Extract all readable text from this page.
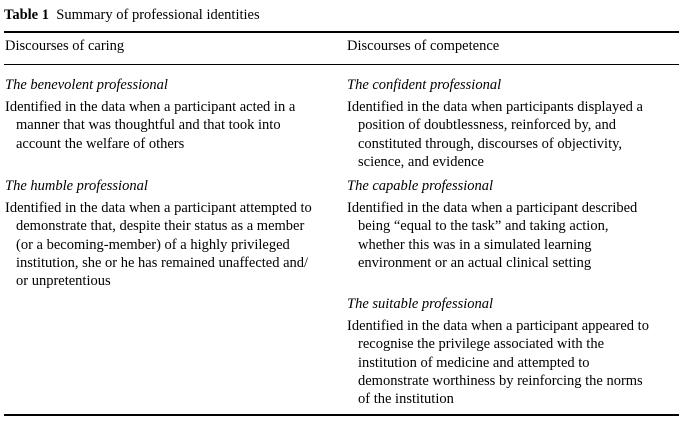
Table 1 Summary of professional identities
Discourses of caring	Discourses of competence
The benevolent professional
Identified in the data when a participant acted in a
manner that was thoughtful and that took into
account the welfare of others
The humble professional
Identified in the data when a participant attempted to
demonstrate that, despite their status as a member
(or a becoming-member) of a highly privileged
institution, she or he has remained unaffected and/
or unpretentious
The confident professional
Identified in the data when participants displayed a
position of doubtlessness, reinforced by, and
constituted through, discourses of objectivity,
science, and evidence
The capable professional
Identified in the data when a participant described
being “equal to the task” and taking action,
whether this was in a simulated learning
environment or an actual clinical setting
The suitable professional
Identified in the data when a participant appeared to
recognise the privilege associated with the
institution of medicine and attempted to
demonstrate worthiness by reinforcing the norms
of the institution
